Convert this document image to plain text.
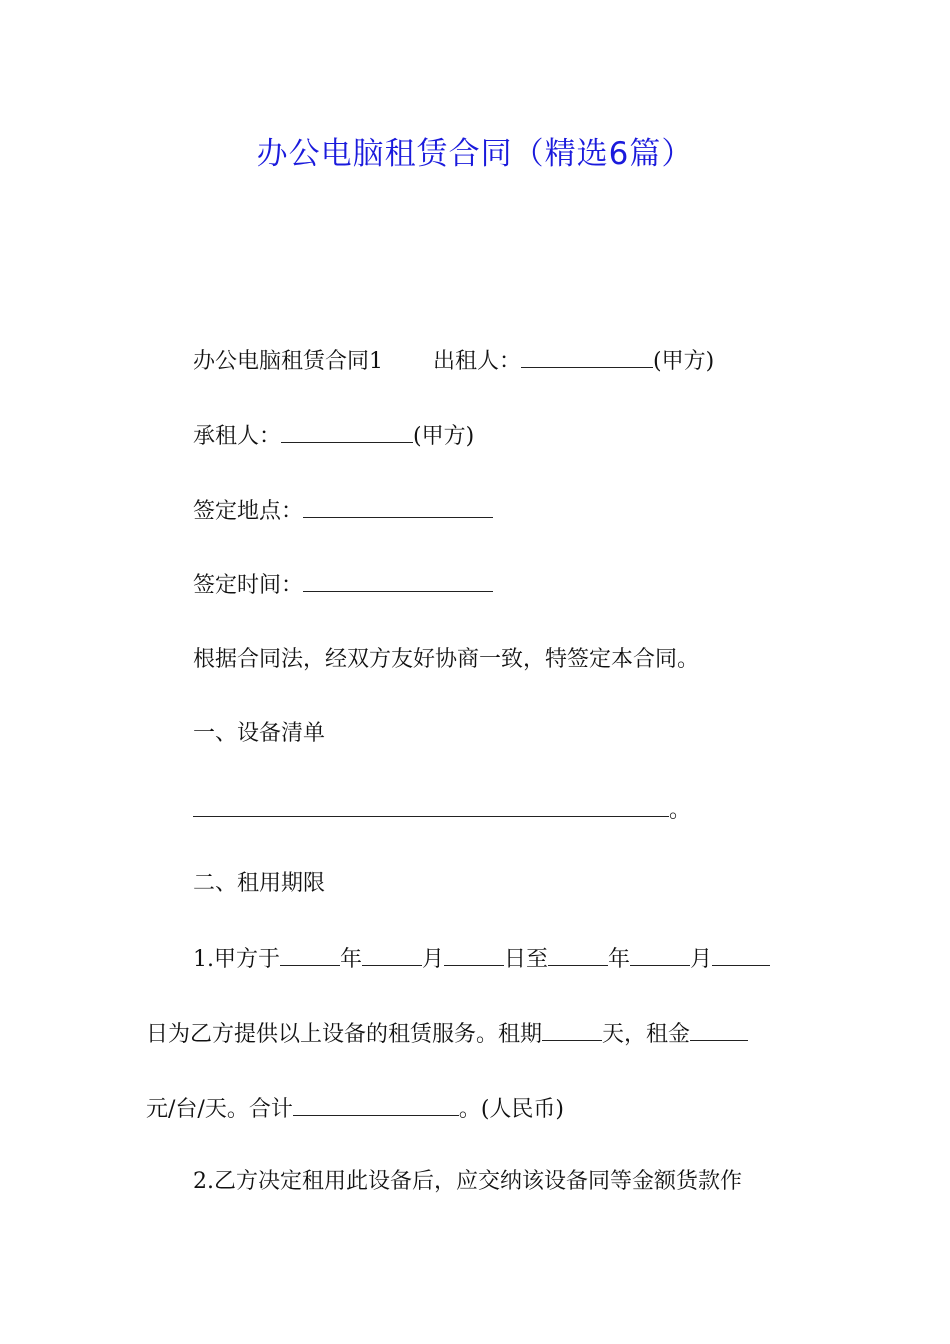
办公电脑租赁合同（精选6篇）
办公电脑租赁合同1 出租人：	(甲方)
承租人：	(甲方)
签定地点：
签定时间：
根据合同法，经双方友好协商一致，特签定本合同。
一、设备清单
。
二、租用期限
1.甲方于	年	月	日至	年	月
日为乙方提供以上设备的租赁服务。租期	天，租金
元/台/天。合计	。(人民币)
2.乙方决定租用此设备后，应交纳该设备同等金额货款作
